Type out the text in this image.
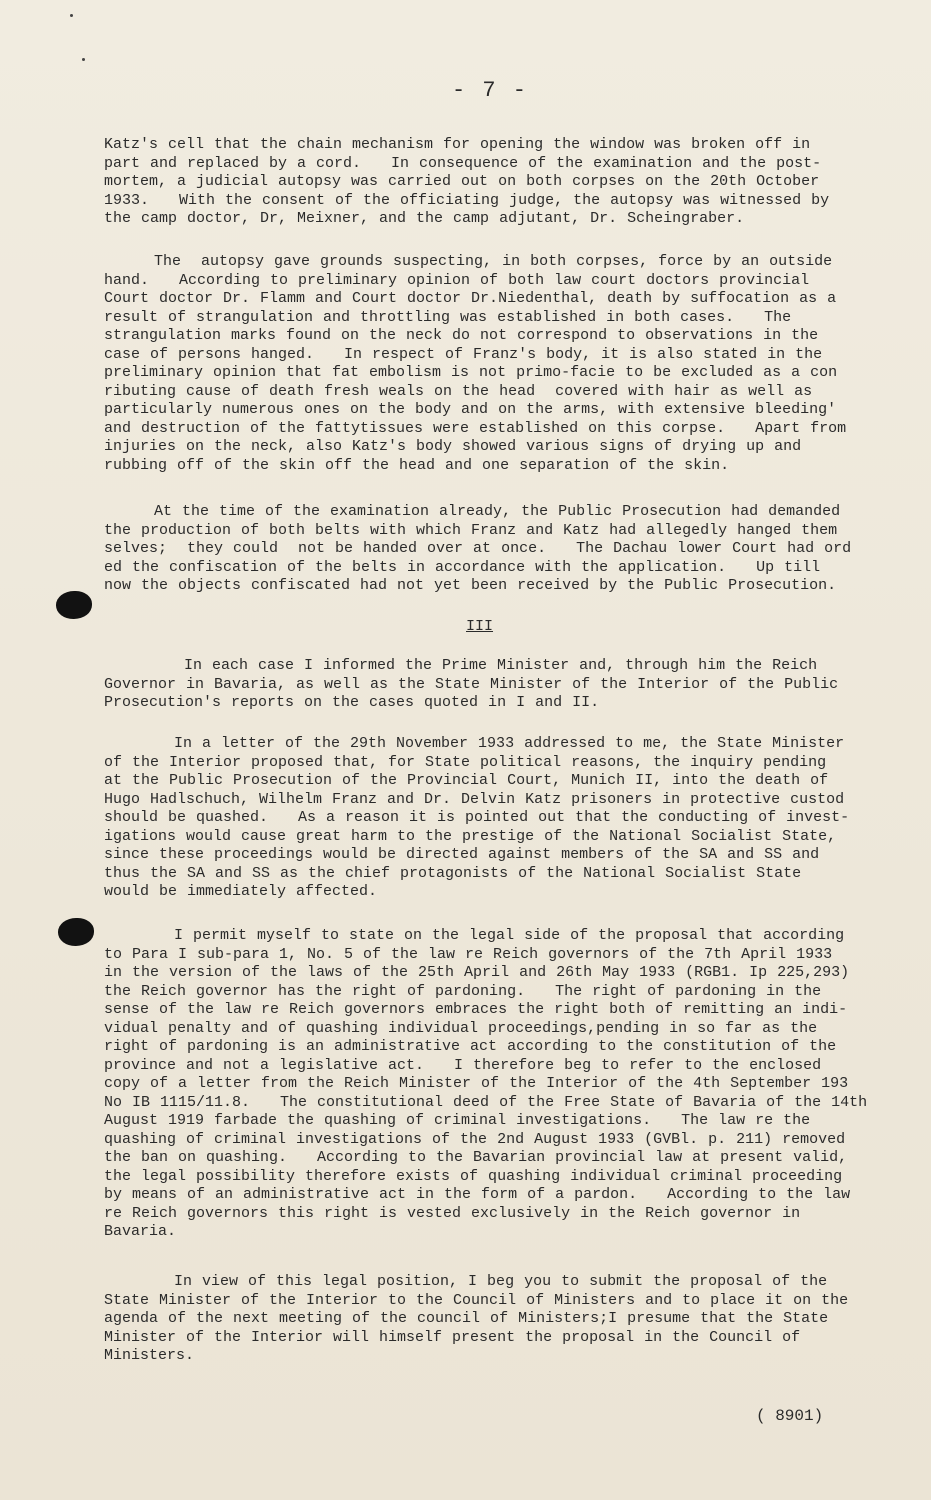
- 7 -
Katz's cell that the chain mechanism for opening the window was broken off in
part and replaced by a cord.   In consequence of the examination and the post-
mortem, a judicial autopsy was carried out on both corpses on the 20th October
1933.   With the consent of the officiating judge, the autopsy was witnessed by
the camp doctor, Dr, Meixner, and the camp adjutant, Dr. Scheingraber.
The  autopsy gave grounds suspecting, in both corpses, force by an outside
hand.   According to preliminary opinion of both law court doctors provincial
Court doctor Dr. Flamm and Court doctor Dr.Niedenthal, death by suffocation as a
result of strangulation and throttling was established in both cases.   The
strangulation marks found on the neck do not correspond to observations in the
case of persons hanged.   In respect of Franz's body, it is also stated in the
preliminary opinion that fat embolism is not primo-facie to be excluded as a con
ributing cause of death fresh weals on the head  covered with hair as well as
particularly numerous ones on the body and on the arms, with extensive bleeding'
and destruction of the fattytissues were established on this corpse.   Apart from
injuries on the neck, also Katz's body showed various signs of drying up and
rubbing off of the skin off the head and one separation of the skin.
At the time of the examination already, the Public Prosecution had demanded
the production of both belts with which Franz and Katz had allegedly hanged them
selves;  they could  not be handed over at once.   The Dachau lower Court had ord
ed the confiscation of the belts in accordance with the application.   Up till
now the objects confiscated had not yet been received by the Public Prosecution.
III
In each case I informed the Prime Minister and, through him the Reich
Governor in Bavaria, as well as the State Minister of the Interior of the Public
Prosecution's reports on the cases quoted in I and II.
In a letter of the 29th November 1933 addressed to me, the State Minister
of the Interior proposed that, for State political reasons, the inquiry pending
at the Public Prosecution of the Provincial Court, Munich II, into the death of
Hugo Hadlschuch, Wilhelm Franz and Dr. Delvin Katz prisoners in protective custod
should be quashed.   As a reason it is pointed out that the conducting of invest-
igations would cause great harm to the prestige of the National Socialist State,
since these proceedings would be directed against members of the SA and SS and
thus the SA and SS as the chief protagonists of the National Socialist State
would be immediately affected.
I permit myself to state on the legal side of the proposal that according
to Para I sub-para 1, No. 5 of the law re Reich governors of the 7th April 1933
in the version of the laws of the 25th April and 26th May 1933 (RGB1. Ip 225,293)
the Reich governor has the right of pardoning.   The right of pardoning in the
sense of the law re Reich governors embraces the right both of remitting an indi-
vidual penalty and of quashing individual proceedings,pending in so far as the
right of pardoning is an administrative act according to the constitution of the
province and not a legislative act.   I therefore beg to refer to the enclosed
copy of a letter from the Reich Minister of the Interior of the 4th September 193
No IB 1115/11.8.   The constitutional deed of the Free State of Bavaria of the 14th
August 1919 farbade the quashing of criminal investigations.   The law re the
quashing of criminal investigations of the 2nd August 1933 (GVBl. p. 211) removed
the ban on quashing.   According to the Bavarian provincial law at present valid,
the legal possibility therefore exists of quashing individual criminal proceeding
by means of an administrative act in the form of a pardon.   According to the law
re Reich governors this right is vested exclusively in the Reich governor in
Bavaria.
In view of this legal position, I beg you to submit the proposal of the
State Minister of the Interior to the Council of Ministers and to place it on the
agenda of the next meeting of the council of Ministers;I presume that the State
Minister of the Interior will himself present the proposal in the Council of
Ministers.
( 8901)
